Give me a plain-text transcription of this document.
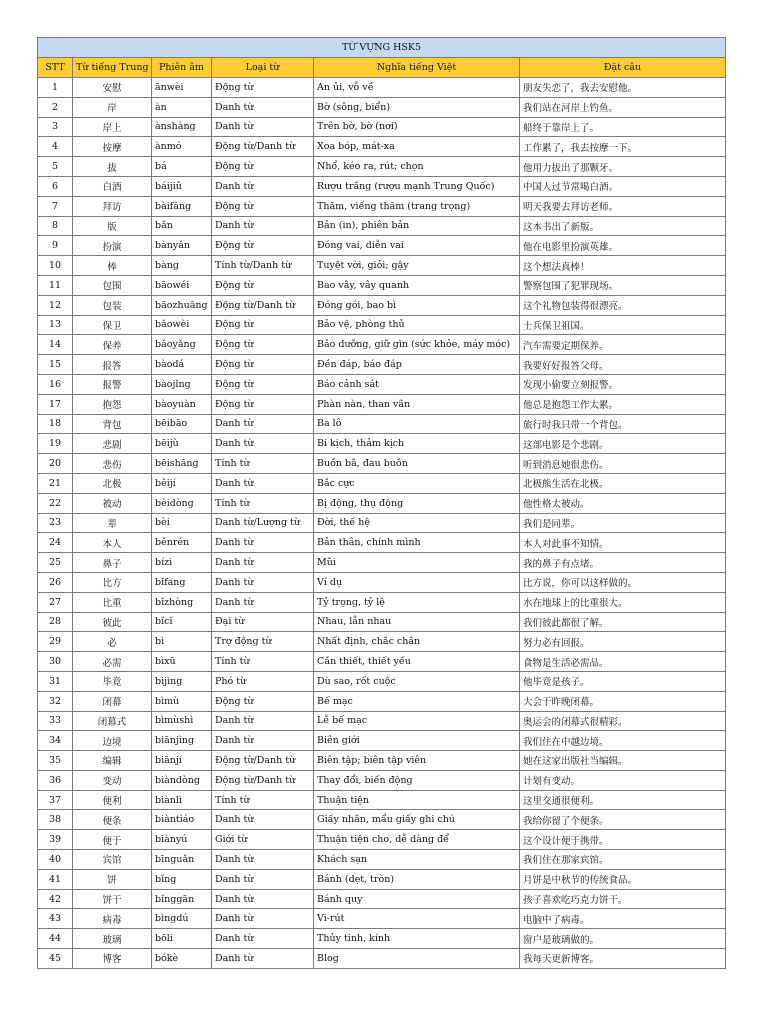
TỪ VỰNG HSK5					
STT	Từ tiếng Trung	Phiên âm	Loại từ	Nghĩa tiếng Việt	Đặt câu
1	安慰	ānwèi	Động từ	An ủi, vỗ về	朋友失恋了，我去安慰他。
2	岸	àn	Danh từ	Bờ (sông, biển)	我们站在河岸上钓鱼。
3	岸上	ànshàng	Danh từ	Trên bờ, bờ (nơi)	船终于靠岸上了。
4	按摩	ànmó	Động từ/Danh từ	Xoa bóp, mát-xa	工作累了，我去按摩一下。
5	拔	bá	Động từ	Nhổ, kéo ra, rút; chọn	他用力拔出了那颗牙。
6	白酒	báijiǔ	Danh từ	Rượu trắng (rượu mạnh Trung Quốc)	中国人过节常喝白酒。
7	拜访	bàifǎng	Động từ	Thăm, viếng thăm (trang trọng)	明天我要去拜访老师。
8	版	bǎn	Danh từ	Bản (in), phiên bản	这本书出了新版。
9	扮演	bànyǎn	Động từ	Đóng vai, diễn vai	他在电影里扮演英雄。
10	棒	bàng	Tính từ/Danh từ	Tuyệt vời, giỏi; gậy	这个想法真棒！
11	包围	bāowéi	Động từ	Bao vây, vây quanh	警察包围了犯罪现场。
12	包装	bāozhuāng	Động từ/Danh từ	Đóng gói, bao bì	这个礼物包装得很漂亮。
13	保卫	bǎowèi	Động từ	Bảo vệ, phòng thủ	士兵保卫祖国。
14	保养	bǎoyǎng	Động từ	Bảo dưỡng, giữ gìn (sức khỏe, máy móc)	汽车需要定期保养。
15	报答	bàodá	Động từ	Đền đáp, báo đáp	我要好好报答父母。
16	报警	bàojǐng	Động từ	Báo cảnh sát	发现小偷要立刻报警。
17	抱怨	bàoyuàn	Động từ	Phàn nàn, than vãn	他总是抱怨工作太累。
18	背包	bēibāo	Danh từ	Ba lô	旅行时我只带一个背包。
19	悲剧	bēijù	Danh từ	Bi kịch, thảm kịch	这部电影是个悲剧。
20	悲伤	bēishāng	Tính từ	Buồn bã, đau buồn	听到消息她很悲伤。
21	北极	běijí	Danh từ	Bắc cực	北极熊生活在北极。
22	被动	bèidòng	Tính từ	Bị động, thụ động	他性格太被动。
23	辈	bèi	Danh từ/Lượng từ	Đời, thế hệ	我们是同辈。
24	本人	běnrén	Danh từ	Bản thân, chính mình	本人对此事不知情。
25	鼻子	bízi	Danh từ	Mũi	我的鼻子有点堵。
26	比方	bǐfang	Danh từ	Ví dụ	比方说，你可以这样做的。
27	比重	bǐzhòng	Danh từ	Tỷ trọng, tỷ lệ	水在地球上的比重很大。
28	彼此	bǐcǐ	Đại từ	Nhau, lẫn nhau	我们彼此都很了解。
29	必	bì	Trợ động từ	Nhất định, chắc chắn	努力必有回报。
30	必需	bìxū	Tính từ	Cần thiết, thiết yếu	食物是生活必需品。
31	毕竟	bìjìng	Phó từ	Dù sao, rốt cuộc	他毕竟是孩子。
32	闭幕	bìmù	Động từ	Bế mạc	大会于昨晚闭幕。
33	闭幕式	bìmùshì	Danh từ	Lễ bế mạc	奥运会的闭幕式很精彩。
34	边境	biānjìng	Danh từ	Biên giới	我们住在中越边境。
35	编辑	biānjí	Động từ/Danh từ	Biên tập; biên tập viên	她在这家出版社当编辑。
36	变动	biàndòng	Động từ/Danh từ	Thay đổi, biến động	计划有变动。
37	便利	biànlì	Tính từ	Thuận tiện	这里交通很便利。
38	便条	biàntiáo	Danh từ	Giấy nhắn, mẩu giấy ghi chú	我给你留了个便条。
39	便于	biànyú	Giới từ	Thuận tiện cho, dễ dàng để	这个设计便于携带。
40	宾馆	bīnguǎn	Danh từ	Khách sạn	我们住在那家宾馆。
41	饼	bǐng	Danh từ	Bánh (dẹt, tròn)	月饼是中秋节的传统食品。
42	饼干	bǐnggān	Danh từ	Bánh quy	孩子喜欢吃巧克力饼干。
43	病毒	bìngdú	Danh từ	Vi-rút	电脑中了病毒。
44	玻璃	bōli	Danh từ	Thủy tinh, kính	窗户是玻璃做的。
45	博客	bókè	Danh từ	Blog	我每天更新博客。
